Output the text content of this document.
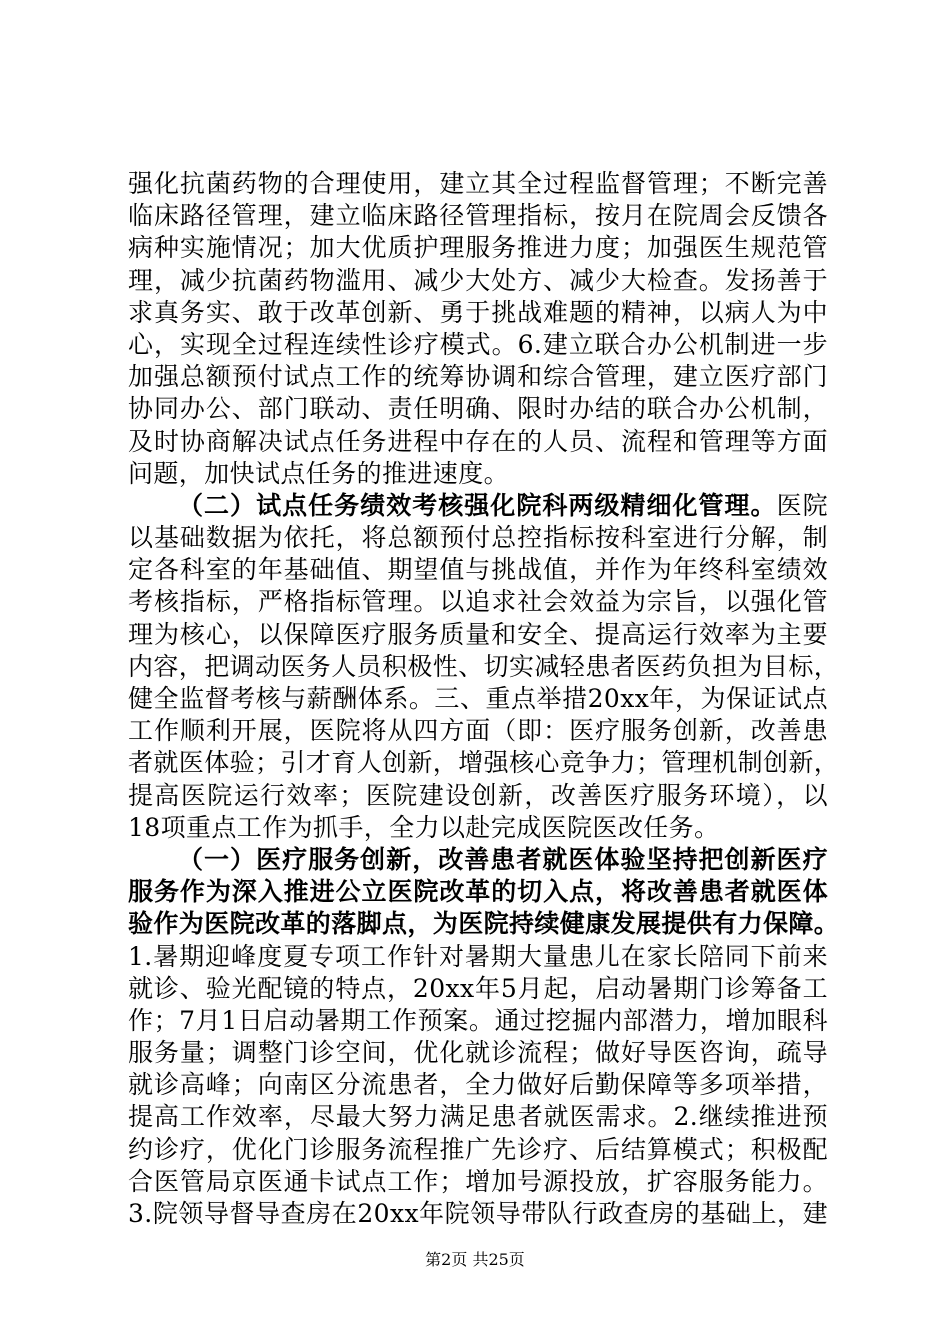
强化抗菌药物的合理使用，建立其全过程监督管理；不断完善
临床路径管理，建立临床路径管理指标，按月在院周会反馈各
病种实施情况；加大优质护理服务推进力度；加强医生规范管
理，减少抗菌药物滥用、减少大处方、减少大检查。发扬善于
求真务实、敢于改革创新、勇于挑战难题的精神，以病人为中
心，实现全过程连续性诊疗模式。6.建立联合办公机制进一步
加强总额预付试点工作的统筹协调和综合管理，建立医疗部门
协同办公、部门联动、责任明确、限时办结的联合办公机制，
及时协商解决试点任务进程中存在的人员、流程和管理等方面
问题，加快试点任务的推进速度。
（二）试点任务绩效考核强化院科两级精细化管理。医院
以基础数据为依托，将总额预付总控指标按科室进行分解，制
定各科室的年基础值、期望值与挑战值，并作为年终科室绩效
考核指标，严格指标管理。以追求社会效益为宗旨，以强化管
理为核心，以保障医疗服务质量和安全、提高运行效率为主要
内容，把调动医务人员积极性、切实减轻患者医药负担为目标，
健全监督考核与薪酬体系。三、重点举措20xx年，为保证试点
工作顺利开展，医院将从四方面（即：医疗服务创新，改善患
者就医体验；引才育人创新，增强核心竞争力；管理机制创新，
提高医院运行效率；医院建设创新，改善医疗服务环境），以
18项重点工作为抓手，全力以赴完成医院医改任务。
（一）医疗服务创新，改善患者就医体验坚持把创新医疗
服务作为深入推进公立医院改革的切入点，将改善患者就医体
验作为医院改革的落脚点，为医院持续健康发展提供有力保障。
1.暑期迎峰度夏专项工作针对暑期大量患儿在家长陪同下前来
就诊、验光配镜的特点，20xx年5月起，启动暑期门诊筹备工
作；7月1日启动暑期工作预案。通过挖掘内部潜力，增加眼科
服务量；调整门诊空间，优化就诊流程；做好导医咨询，疏导
就诊高峰；向南区分流患者，全力做好后勤保障等多项举措，
提高工作效率，尽最大努力满足患者就医需求。2.继续推进预
约诊疗，优化门诊服务流程推广先诊疗、后结算模式；积极配
合医管局京医通卡试点工作；增加号源投放，扩容服务能力。
3.院领导督导查房在20xx年院领导带队行政查房的基础上，建
第2页 共25页
